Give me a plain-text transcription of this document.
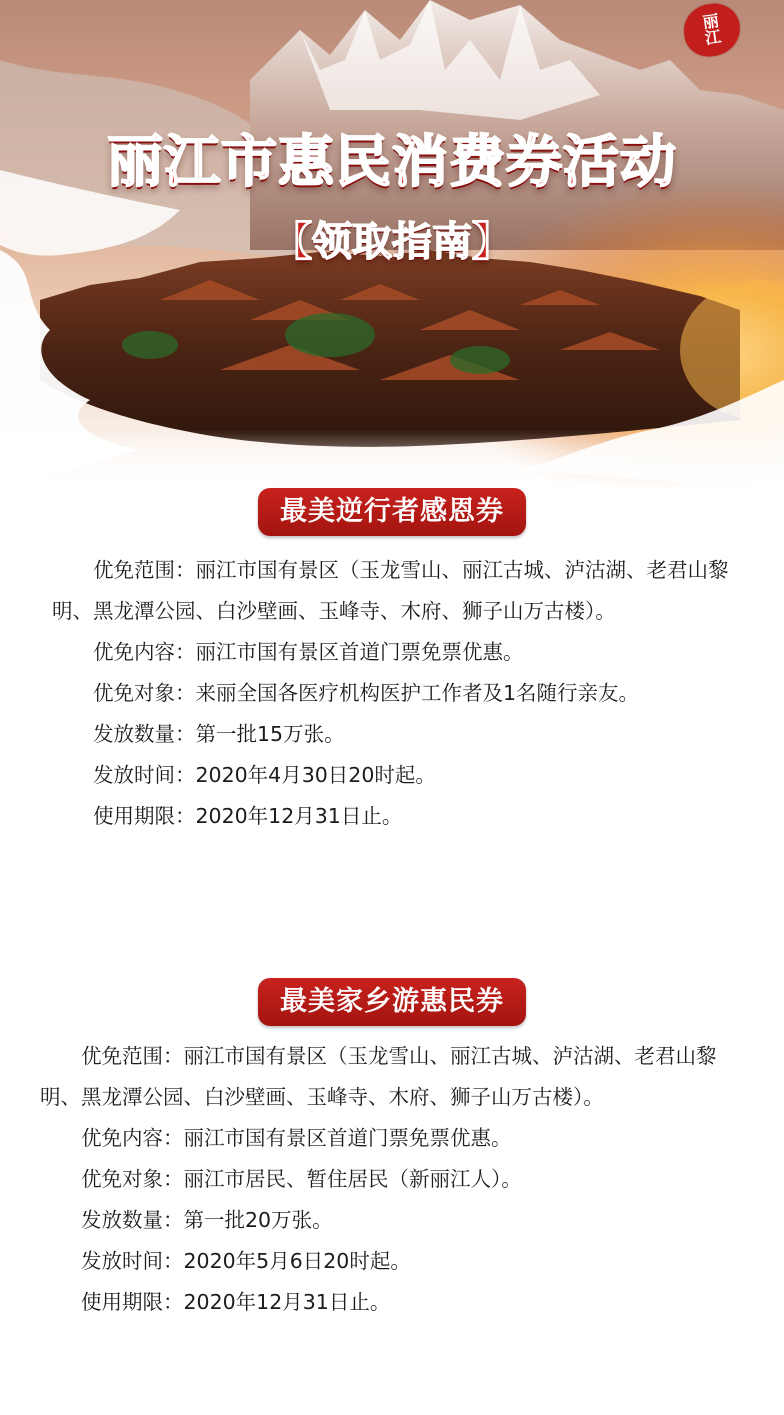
丽
江
丽江市惠民消费券活动
【领取指南】
最美逆行者感恩券

优免范围：丽江市国有景区（玉龙雪山、丽江古城、泸沽湖、老君山黎明、黑龙潭公园、白沙壁画、玉峰寺、木府、狮子山万古楼）。

优免内容：丽江市国有景区首道门票免票优惠。

优免对象：来丽全国各医疗机构医护工作者及1名随行亲友。

发放数量：第一批15万张。

发放时间：2020年4月30日20时起。

使用期限：2020年12月31日止。

最美家乡游惠民券

优免范围：丽江市国有景区（玉龙雪山、丽江古城、泸沽湖、老君山黎明、黑龙潭公园、白沙壁画、玉峰寺、木府、狮子山万古楼）。

优免内容：丽江市国有景区首道门票免票优惠。

优免对象：丽江市居民、暂住居民（新丽江人）。

发放数量：第一批20万张。

发放时间：2020年5月6日20时起。

使用期限：2020年12月31日止。
